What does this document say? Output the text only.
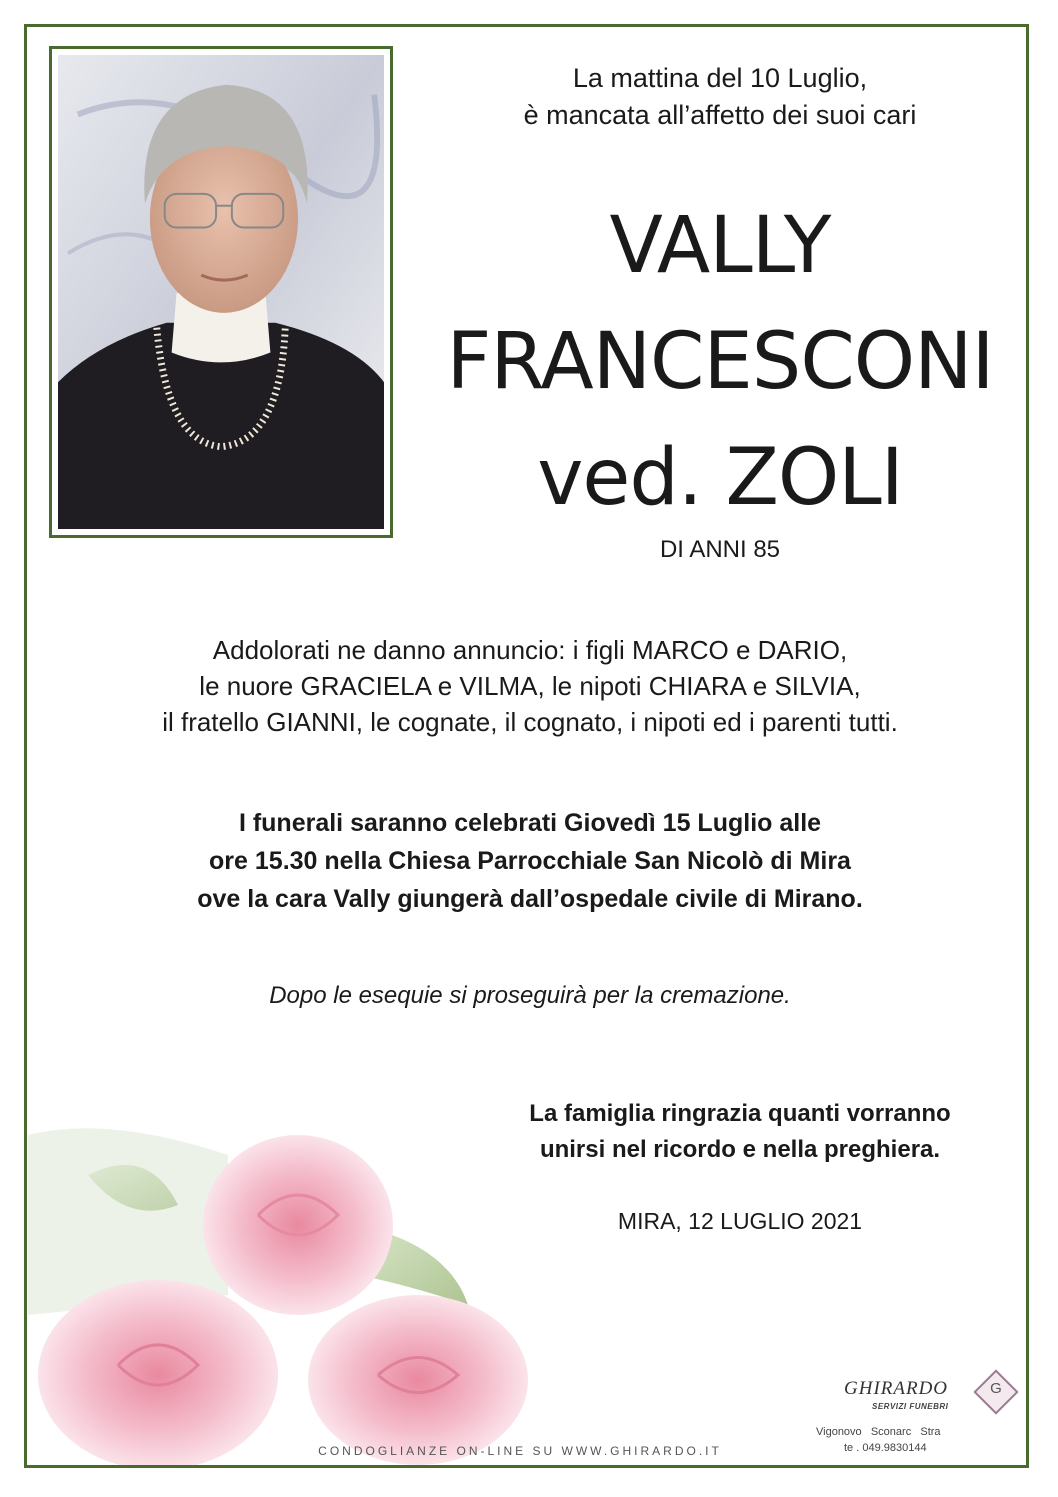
La mattina del 10 Luglio,
è mancata all’affetto dei suoi cari
VALLY
FRANCESCONI
ved. ZOLI
DI ANNI 85
Addolorati ne danno annuncio: i figli MARCO e DARIO,
le nuore GRACIELA e VILMA, le nipoti CHIARA e SILVIA,
il fratello GIANNI, le cognate, il cognato, i nipoti ed i parenti tutti.
I funerali saranno celebrati Giovedì 15 Luglio alle
ore 15.30 nella Chiesa Parrocchiale San Nicolò di Mira
ove la cara Vally giungerà dall’ospedale civile di Mirano.
Dopo le esequie si proseguirà per la cremazione.
La famiglia ringrazia quanti vorranno
unirsi nel ricordo e nella preghiera.
MIRA, 12 LUGLIO 2021
CONDOGLIANZE ON-LINE SU WWW.GHIRARDO.IT
GHIRARDO
SERVIZI FUNEBRI
G
Vigonovo   Sconarc   Stra
te . 049.9830144
